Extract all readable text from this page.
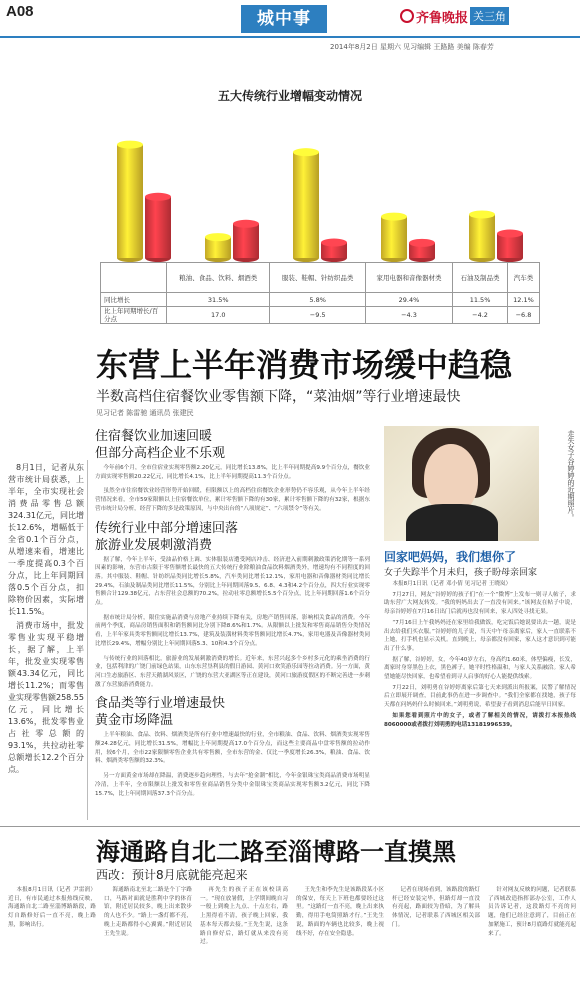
A08	城中事	齐鲁晚报 关三角
2014年8月2日 星期六 见习编辑 王路路 美编 陈春芳
五大传统行业增幅变动情况
	粮油、食品、饮料、烟酒类	服装、鞋帽、针纺织品类	家用电器和音像器材类	石油及制品类	汽车类
同比增长	31.5%	5.8%	29.4%	11.5%	12.1%
比上年同期增长/百分点	17.0	−9.5	−4.3	−4.2	−6.8
东营上半年消费市场缓中趋稳
半数高档住宿餐饮业零售额下降，“菜油烟”等行业增速最快
见习记者 陈雷驰 通讯员 张建民

8月1日，记者从东营市统计局获悉，上半年，全市实现社会消费品零售总额324.31亿元，同比增长12.6%，增幅低于全省0.1个百分点，从增速来看，增速比一季度提高0.3个百分点，比上年同期回落0.5个百分点，扣除物价因素，实际增长11.5%。

消费市场中，批发零售业实现平稳增长，据了解，上半年，批发业实现零售额43.34亿元，同比增长11.2%；而零售业实现零售额258.55亿元，同比增长13.6%，批发零售业占社零总额的93.1%，共拉动社零总额增长12.2个百分点。

住宿餐饮业加速回暖
但部分高档企业不乐观

今年前6个月，全市住宿业实现零售额2.20亿元，同比增长13.8%，比上半年同期提高9.9个百分点，餐饮业方面实现零售额20.22亿元，同比增长4.1%，比上半年同期提高11.3个百分点。

虽然全市住宿餐饮业经营形势开始回暖，但限额以上的高档住宿餐饮企业形势仍不容乐观，从今年上半年经营情况来看，全市59家限额以上住宿餐饮单位，累计零售额下降的有30家，累计零售额下降的有32家，根据东营市统计局分析，经营下降的多是政策原因，与中央出台的“八项规定”、“六项禁令”等有关。

传统行业中部分增速回落
旅游业发展刺激消费

据了解，今年上半年，受油品价格上调、实体服装店遭受网店冲击、经济进入前期刺激政策消化期等一系列因素的影响，东营市古限于零售额增长最快的五大传统行业除粮油食品饮料烟酒类外，增速均有不同程度的回落。其中服装、鞋帽、针纺织品类同比增长5.8%，汽车类同比增长12.1%，家用电器和音像器材类同比增长29.4%，石油及制品类同比增长11.5%，分别比上年同期回落9.5、6.8、4.3和4.2个百分点，四大行业实现零售额合计129.38亿元，占东营社会总额的70.2%，拉动社零总额增长5.5个百分点，比上年同期回落1.6个百分点。

据市统计局分析，限住实施品消费与房地产业持续下降有关，房地产销售回落，影响相关食品的消费。今年前两个季度，商品房销售面积和销售额同比分别下降8.6%和1.7%。从限额以上批发和零售商品销售分类情况看，上半年家具类零售额同比增长13.7%，建筑及装潢材料类零售额同比增长4.7%，家用电器及音像器材类同比增长29.4%，增幅分别比上年同期回落5.3、10和4.3个百分点。

与传统行业的回落相比，旅游业的发展刺激消费的增长。近年来，东营兴起多个乡村多元化的乘坐消费的行业，包括利津的广饶门前绿色站果，山东东营垦利县的假日游园、黄河口欢笑游乐园等拉动消费。另一方面，黄河口生态旅游区、东营天鹅湖风景区，广饶的东营大亚湖区等正在建设，黄河口旅游度假区的不断完善进一步刺激了东营旅游消费能力。

食品类等行业增速最快
黄金市场降温

上半年粮油、食品、饮料、烟酒类是所有行业中增速最快的行业，全市粮油、食品、饮料、烟酒类实现零售额24.28亿元，同比增长31.5%，增幅比上年同期提高17.0个百分点，而这些主要商品中盘零售额的拉动作用，较6个月，全市22家限额零售企业共有零售额，全市东营的金、仅比一季度增长26.3%，粮油、食品、饮料、烟酒类零售额的32.3%。

另一方面黄金市场却在降温，消费逐步趋向理性，与去年“抢金潮”相比，今年金银珠宝类商品消费市场明显冷清，上半年，全市限额以上批发和零售业商品销售分类中金银珠宝类商品实现零售额3.2亿元，同比下降15.7%，比上年同期回落37.3个百分点。

走失女子谷婷婷的近期照片。
回家吧妈妈，我们想你了
女子失踪半个月未归，孩子盼母亲回家

本报8月1日讯（记者 邓小倩 见习记者 王晓岚）

7月27日，网友“谷婷婷的孩子们”在一个“微博”上发布一则寻人帖子，求助东营广大网友转发。“我的妈妈出去了一直没有回来。”该网友在帖子中说，母亲谷婷婷在7月16日出门后就再也没有回来，家人四处寻找无果。

“7月16日上午我妈妈还在家里给我做饭，吃完饭后她说要出去一趟，说是出去给我们买衣服。”谷婷婷的儿子说，当天中午母亲离家后，家人一直联系不上她，打手机也显示关机。直到晚上，母亲都没有回家，家人这才意识到可能出了什么事。

据了解，谷婷婷，女，今年40岁左右，身高约1.60米，体型偏瘦，长发，离家时身穿黑色上衣，黑色裤子。她平时性格温和，与家人关系融洽。家人希望她能尽快回家，也希望看到寻人启事的好心人能提供线索。

7月22日，刘明勇在谷婷婷离家后第七天来到派出所报案，民警了解情况后立即展开调查，目前此事仍在进一步调查中。“我们全家都在找她，孩子每天都在问妈妈什么时候回来。”刘明勇说，希望妻子看到消息后能早日回家。

如果您看到照片中的女子，或者了解相关的情况，请拨打本报热线8060000或者拨打刘明勇的电话13181996539。

海通路自北二路至淄博路一直摸黑
西改：预计8月底就能亮起来

本报8月1日讯（记者 尹雷润）近日，有市民通过本报热线反映，海通路自北二路至淄博路路段，路灯自路修好后一直不亮，晚上路黑，影响出行。

海通路南北至北二路是个丁字路口，马路对面就是胜利中学的体育馆，附近居民较多，晚上出来散步的人也不少。“路上一盏灯都不亮，晚上走路都得小心翼翼。”附近居民王先生说。

再先生的孩子正在该校读高一。“现在放暑假，上学期间晚自习一般上到晚上九点、十点左右，路上黑得看不清，孩子晚上回家，我基本每天都去接。”王先生说，这条路自修好后，路灯就从来没有亮过。

王先生和李先生是该路段某小区的保安，每天上下班也都要经过这里。“这路灯一直不亮，晚上出来执勤，得用手电筒照路才行。”王先生说，路面的车辆也比较多，晚上视线不好，存在安全隐患。

记者在现场看到，该路段的路灯杆已经安装完毕，但路灯却一直没有亮起，路面较为昏暗，为了解具体情况，记者联系了西城区相关部门。

针对网友反映的问题，记者联系了西城改造指挥部办公室，工作人员告诉记者，这段路灯不亮的问题，他们已经注意到了，目前正在加紧施工，预计8月底路灯就能亮起来了。
